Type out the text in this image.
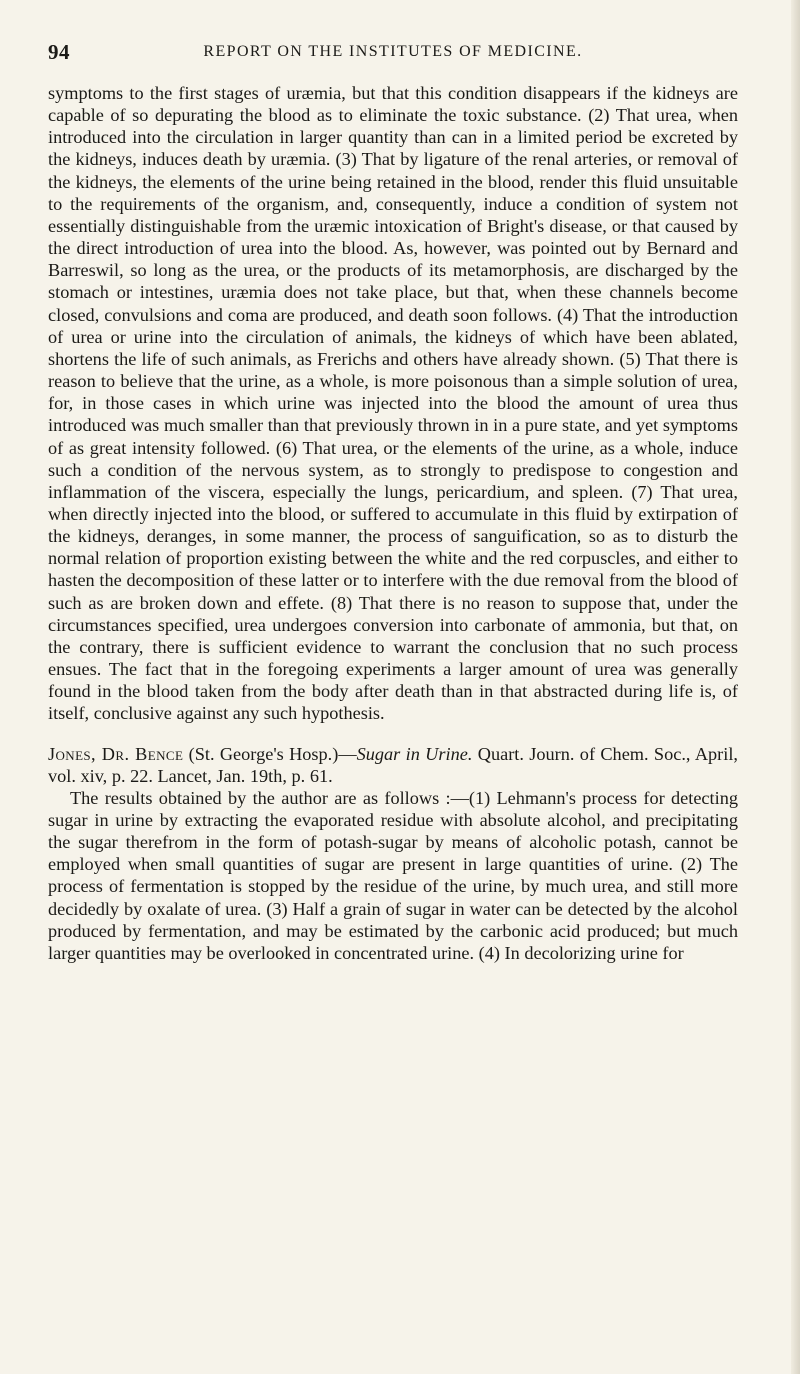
94	REPORT ON THE INSTITUTES OF MEDICINE.

symptoms to the first stages of uræmia, but that this condition disappears if the kidneys are capable of so depurating the blood as to eliminate the toxic substance. (2) That urea, when introduced into the circulation in larger quantity than can in a limited period be excreted by the kidneys, induces death by uræmia. (3) That by ligature of the renal arteries, or removal of the kidneys, the elements of the urine being retained in the blood, render this fluid unsuitable to the requirements of the organism, and, consequently, induce a condition of system not essentially distinguishable from the uræmic intoxication of Bright's disease, or that caused by the direct introduction of urea into the blood. As, however, was pointed out by Bernard and Barreswil, so long as the urea, or the products of its metamorphosis, are discharged by the stomach or intestines, uræmia does not take place, but that, when these channels become closed, convulsions and coma are produced, and death soon follows. (4) That the introduction of urea or urine into the circulation of animals, the kidneys of which have been ablated, shortens the life of such animals, as Frerichs and others have already shown. (5) That there is reason to believe that the urine, as a whole, is more poisonous than a simple solution of urea, for, in those cases in which urine was injected into the blood the amount of urea thus introduced was much smaller than that previously thrown in in a pure state, and yet symptoms of as great intensity followed. (6) That urea, or the elements of the urine, as a whole, induce such a condition of the nervous system, as to strongly to predispose to congestion and inflammation of the viscera, especially the lungs, pericardium, and spleen. (7) That urea, when directly injected into the blood, or suffered to accumulate in this fluid by extirpation of the kidneys, deranges, in some manner, the process of sanguification, so as to disturb the normal relation of proportion existing between the white and the red corpuscles, and either to hasten the decomposition of these latter or to interfere with the due removal from the blood of such as are broken down and effete. (8) That there is no reason to suppose that, under the circumstances specified, urea undergoes conversion into carbonate of ammonia, but that, on the contrary, there is sufficient evidence to warrant the conclusion that no such process ensues. The fact that in the foregoing experiments a larger amount of urea was generally found in the blood taken from the body after death than in that abstracted during life is, of itself, conclusive against any such hypothesis.

Jones, Dr. Bence (St. George's Hosp.)—Sugar in Urine. Quart. Journ. of Chem. Soc., April, vol. xiv, p. 22. Lancet, Jan. 19th, p. 61.

The results obtained by the author are as follows :—(1) Lehmann's process for detecting sugar in urine by extracting the evaporated residue with absolute alcohol, and precipitating the sugar therefrom in the form of potash-sugar by means of alcoholic potash, cannot be employed when small quantities of sugar are present in large quantities of urine. (2) The process of fermentation is stopped by the residue of the urine, by much urea, and still more decidedly by oxalate of urea. (3) Half a grain of sugar in water can be detected by the alcohol produced by fermentation, and may be estimated by the carbonic acid produced; but much larger quantities may be overlooked in concentrated urine. (4) In decolorizing urine for
